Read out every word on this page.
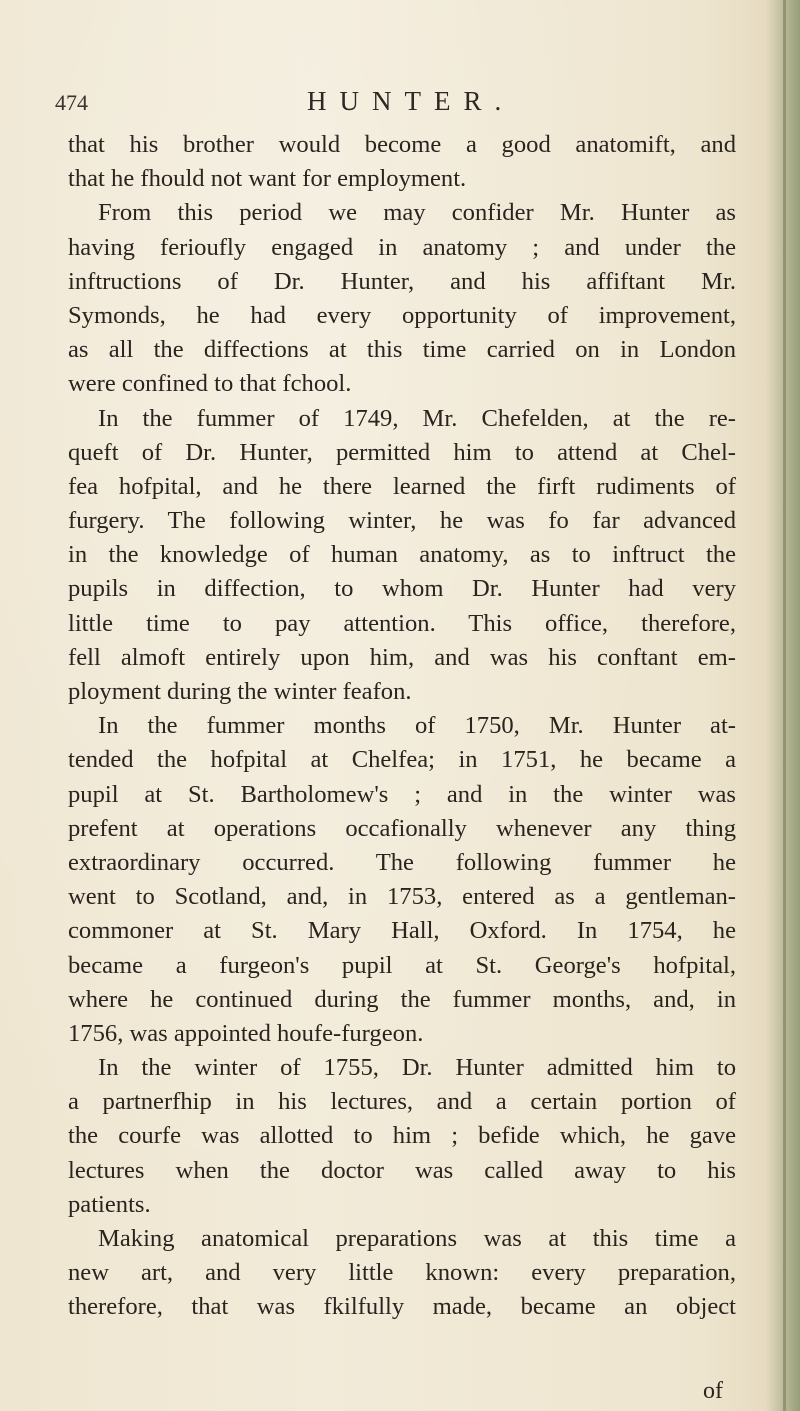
474	HUNTER.
that his brother would become a good anatomift, and
that he fhould not want for employment.
From this period we may confider Mr. Hunter as
having ferioufly engaged in anatomy ; and under the
inftructions of Dr. Hunter, and his affiftant Mr.
Symonds, he had every opportunity of improvement,
as all the diffections at this time carried on in London
were confined to that fchool.
In the fummer of 1749, Mr. Chefelden, at the re-
queft of Dr. Hunter, permitted him to attend at Chel-
fea hofpital, and he there learned the firft rudiments of
furgery. The following winter, he was fo far advanced
in the knowledge of human anatomy, as to inftruct the
pupils in diffection, to whom Dr. Hunter had very
little time to pay attention. This office, therefore,
fell almoft entirely upon him, and was his conftant em-
ployment during the winter feafon.
In the fummer months of 1750, Mr. Hunter at-
tended the hofpital at Chelfea; in 1751, he became a
pupil at St. Bartholomew's ; and in the winter was
prefent at operations occafionally whenever any thing
extraordinary occurred. The following fummer he
went to Scotland, and, in 1753, entered as a gentleman-
commoner at St. Mary Hall, Oxford. In 1754, he
became a furgeon's pupil at St. George's hofpital,
where he continued during the fummer months, and, in
1756, was appointed houfe-furgeon.
In the winter of 1755, Dr. Hunter admitted him to
a partnerfhip in his lectures, and a certain portion of
the courfe was allotted to him ; befide which, he gave
lectures when the doctor was called away to his
patients.
Making anatomical preparations was at this time a
new art, and very little known: every preparation,
therefore, that was fkilfully made, became an object
of
